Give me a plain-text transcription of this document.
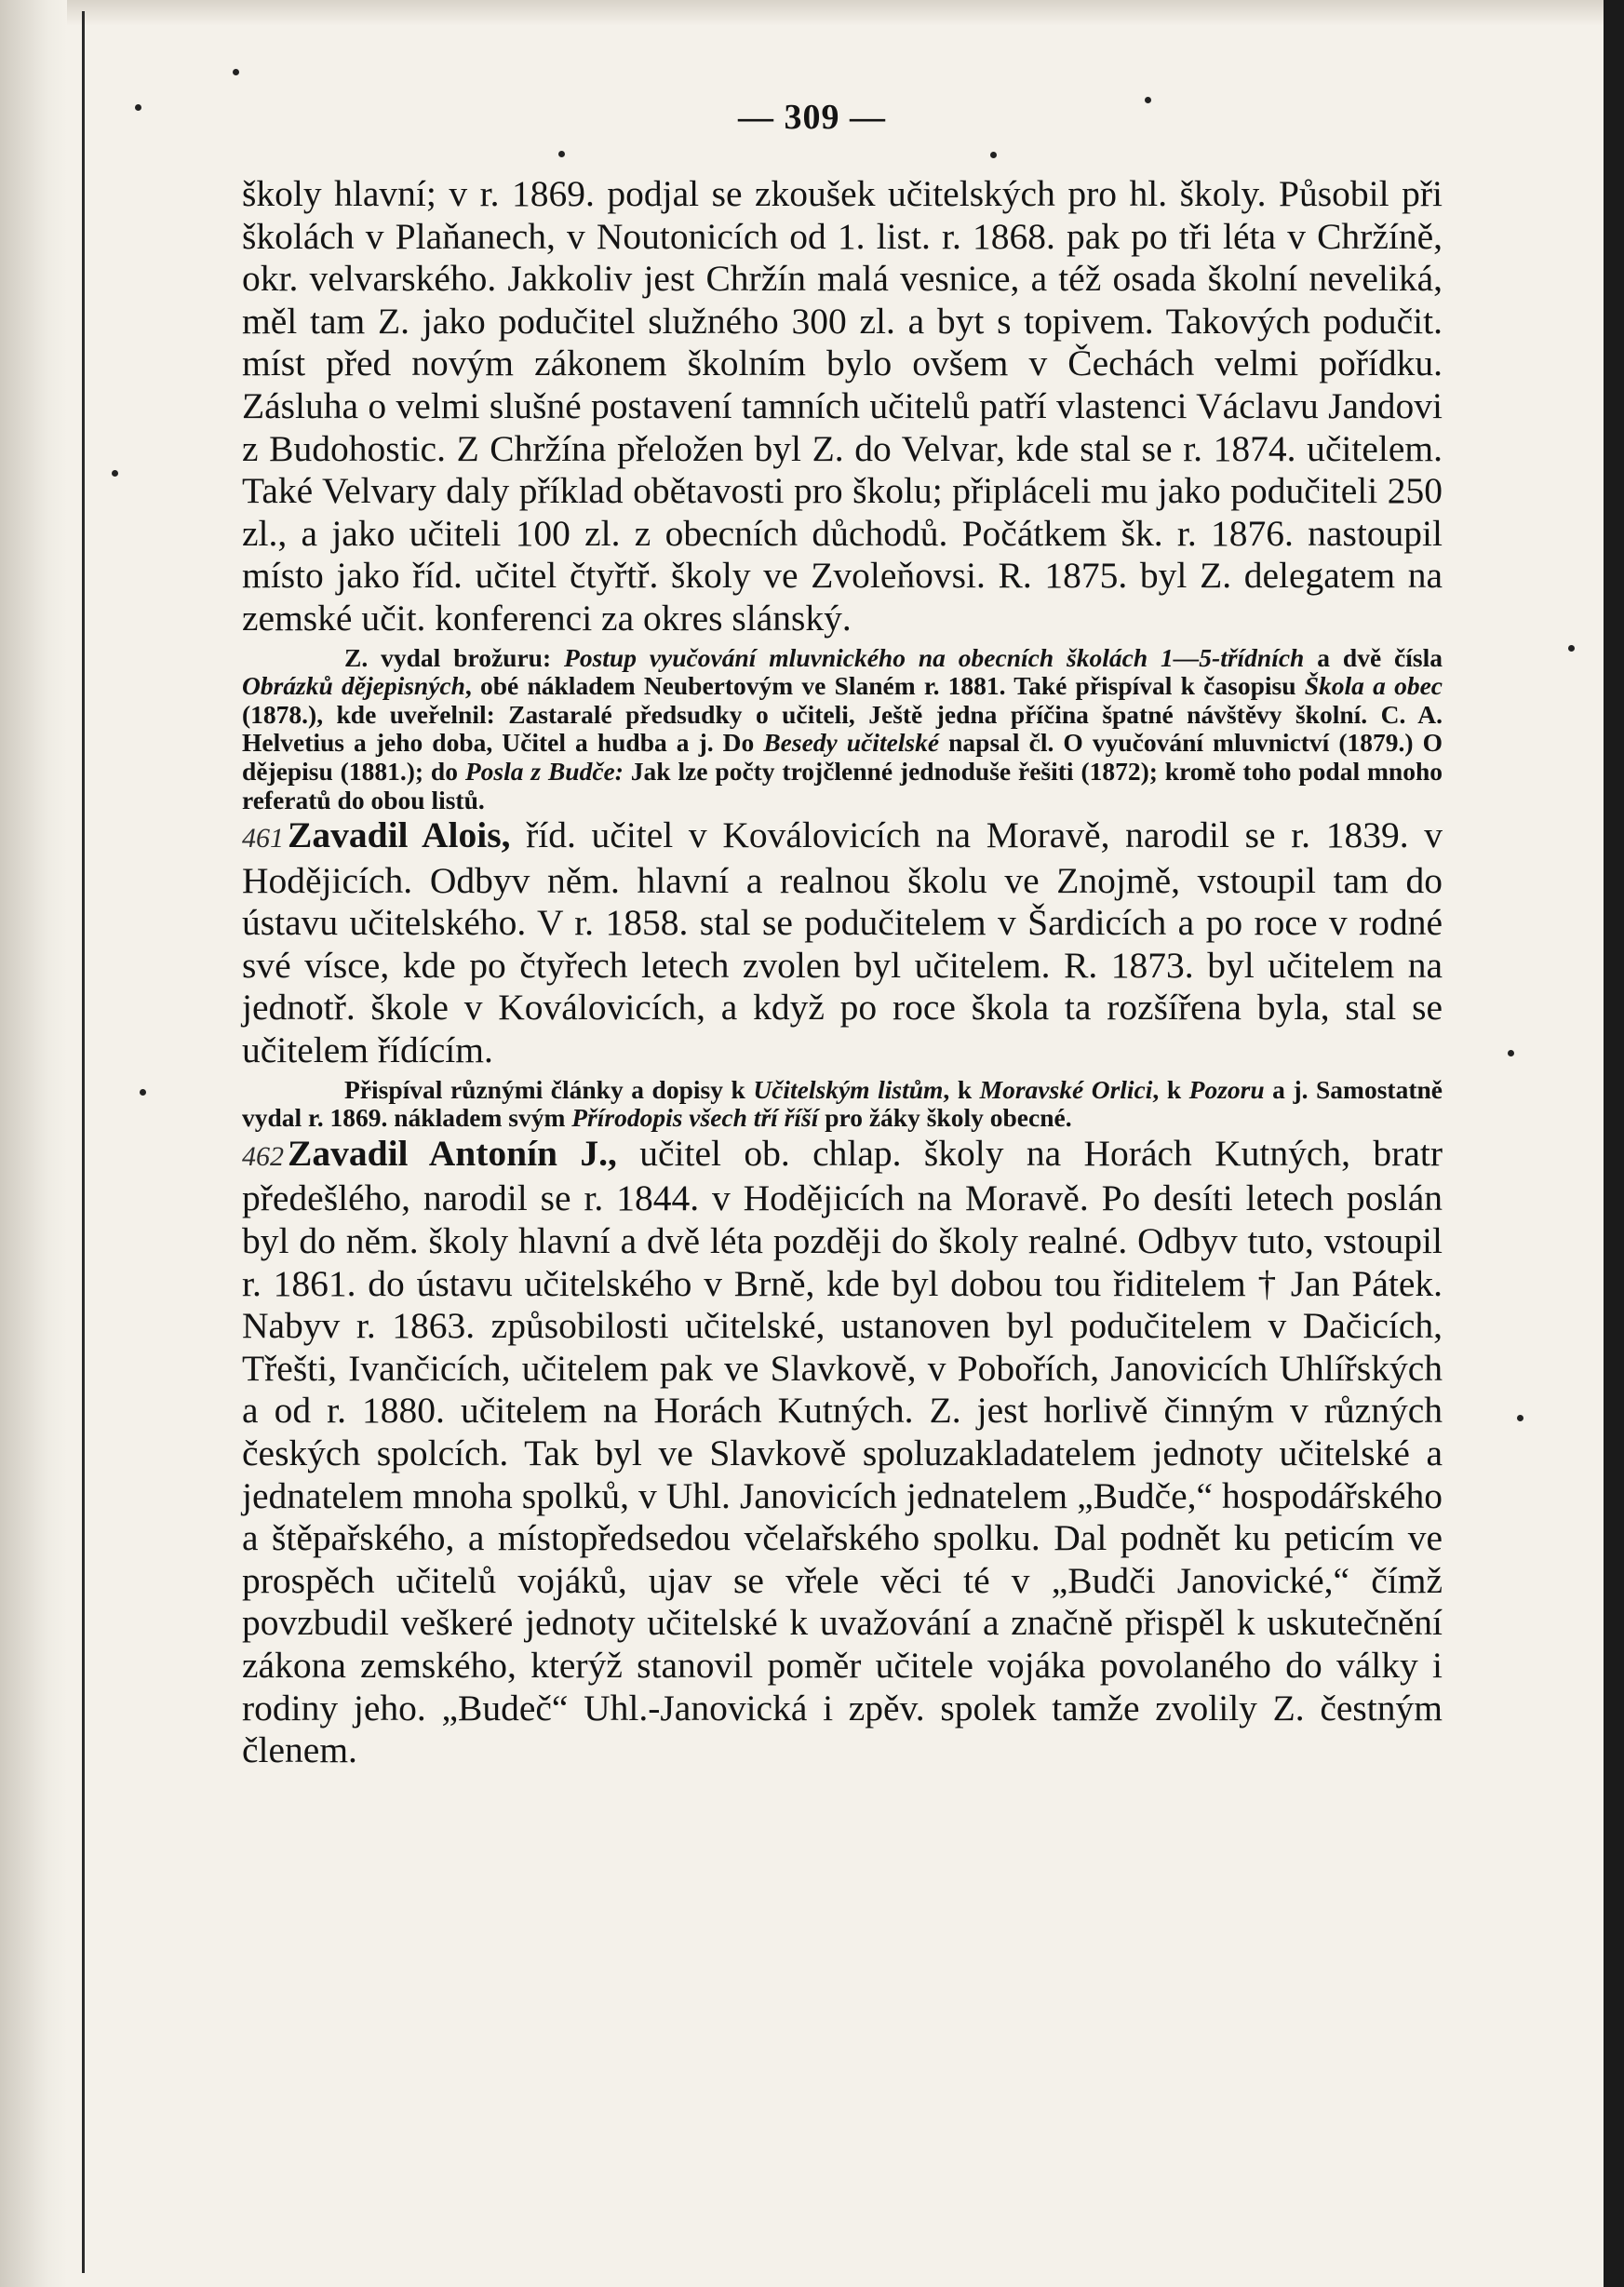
— 309 —

školy hlavní; v r. 1869. podjal se zkoušek učitelských pro hl. školy. Působil při školách v Plaňanech, v Noutonicích od 1. list. r. 1868. pak po tři léta v Chržíně, okr. velvarského. Jakkoliv jest Chržín malá vesnice, a též osada školní neveliká, měl tam Z. jako podučitel služného 300 zl. a byt s topivem. Takových podučit. míst před novým zákonem školním bylo ovšem v Čechách velmi pořídku. Zásluha o velmi slušné postavení tamních učitelů patří vlastenci Václavu Jandovi z Budohostic. Z Chržína přeložen byl Z. do Velvar, kde stal se r. 1874. učitelem. Také Velvary daly příklad obětavosti pro školu; připláceli mu jako podučiteli 250 zl., a jako učiteli 100 zl. z obecních důchodů. Počátkem šk. r. 1876. nastoupil místo jako říd. učitel čtyřtř. školy ve Zvoleňovsi. R. 1875. byl Z. delegatem na zemské učit. konferenci za okres slánský.

Z. vydal brožuru: Postup vyučování mluvnického na obecních školách 1—5-třídních a dvě čísla Obrázků dějepisných, obé nákladem Neubertovým ve Slaném r. 1881. Také přispíval k časopisu Škola a obec (1878.), kde uveřelnil: Zastaralé předsudky o učiteli, Ještě jedna příčina špatné návštěvy školní. C. A. Helvetius a jeho doba, Učitel a hudba a j. Do Besedy učitelské napsal čl. O vyučování mluvnictví (1879.) O dějepisu (1881.); do Posla z Budče: Jak lze počty trojčlenné jednoduše řešiti (1872); kromě toho podal mnoho referatů do obou listů.

461 Zavadil Alois, říd. učitel v Koválovicích na Moravě, narodil se r. 1839. v Hodějicích. Odbyv něm. hlavní a realnou školu ve Znojmě, vstoupil tam do ústavu učitelského. V r. 1858. stal se podučitelem v Šardicích a po roce v rodné své vísce, kde po čtyřech letech zvolen byl učitelem. R. 1873. byl učitelem na jednotř. škole v Koválovicích, a když po roce škola ta rozšířena byla, stal se učitelem řídícím.

Přispíval různými články a dopisy k Učitelským listům, k Moravské Orlici, k Pozoru a j. Samostatně vydal r. 1869. nákladem svým Přírodopis všech tří říší pro žáky školy obecné.

462 Zavadil Antonín J., učitel ob. chlap. školy na Horách Kutných, bratr předešlého, narodil se r. 1844. v Hodějicích na Moravě. Po desíti letech poslán byl do něm. školy hlavní a dvě léta později do školy realné. Odbyv tuto, vstoupil r. 1861. do ústavu učitelského v Brně, kde byl dobou tou řiditelem † Jan Pátek. Nabyv r. 1863. způsobilosti učitelské, ustanoven byl podučitelem v Dačicích, Třešti, Ivančicích, učitelem pak ve Slavkově, v Pobořích, Janovicích Uhlířských a od r. 1880. učitelem na Horách Kutných. Z. jest horlivě činným v různých českých spolcích. Tak byl ve Slavkově spoluzakladatelem jednoty učitelské a jednatelem mnoha spolků, v Uhl. Janovicích jednatelem „Budče,“ hospodářského a štěpařského, a místopředsedou včelařského spolku. Dal podnět ku peticím ve prospěch učitelů vojáků, ujav se vřele věci té v „Budči Janovické,“ čímž povzbudil veškeré jednoty učitelské k uvažování a značně přispěl k uskutečnění zákona zemského, kterýž stanovil poměr učitele vojáka povolaného do války i rodiny jeho. „Budeč“ Uhl.-Janovická i zpěv. spolek tamže zvolily Z. čestným členem.
